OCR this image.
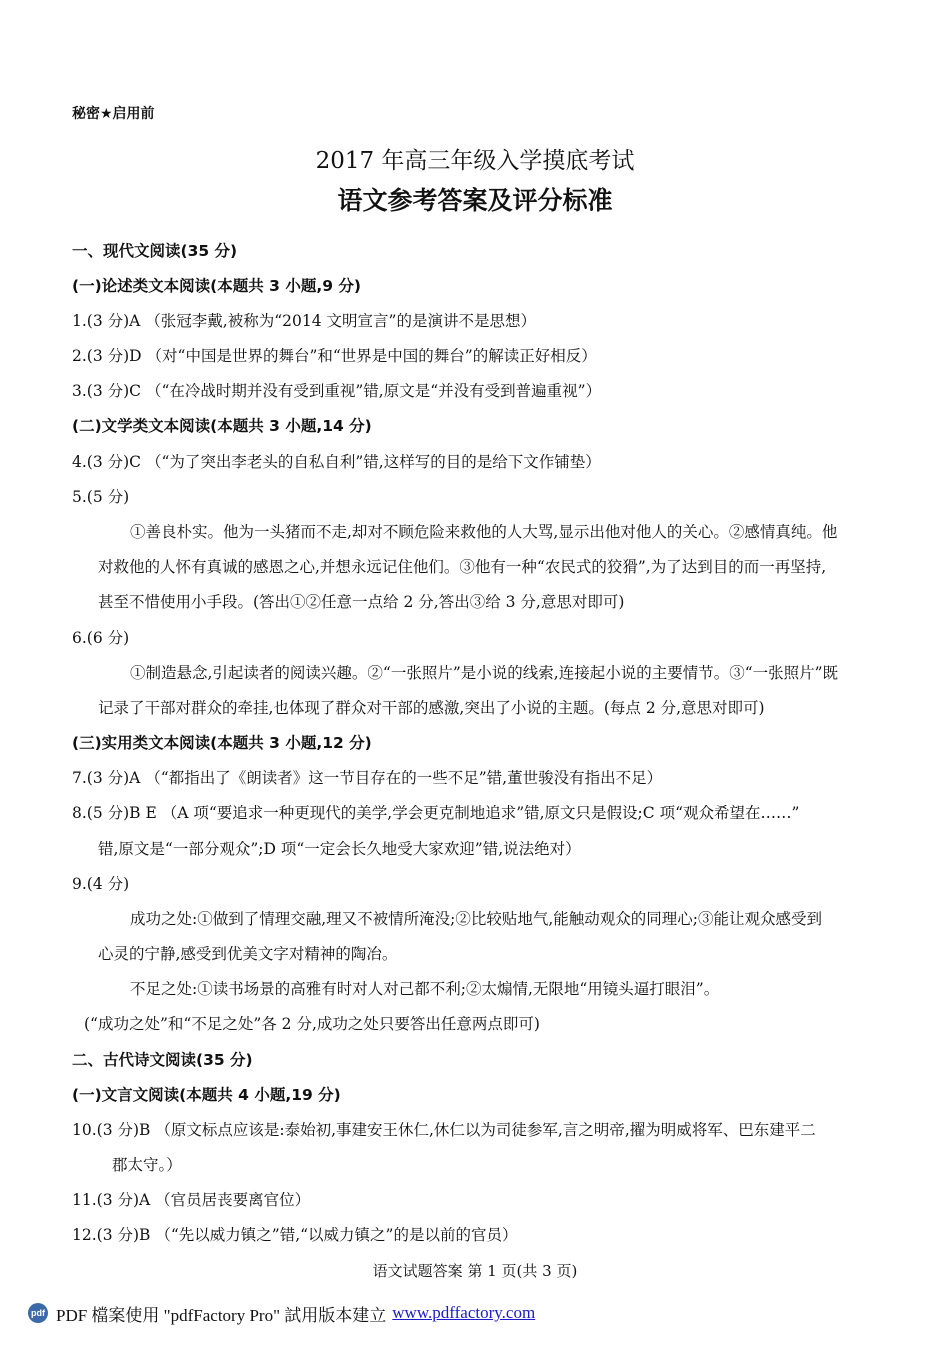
秘密★启用前
2017 年高三年级入学摸底考试
语文参考答案及评分标准
一、现代文阅读(35 分)
(一)论述类文本阅读(本题共 3 小题,9 分)
1.(3 分)A （张冠李戴,被称为“2014 文明宣言”的是演讲不是思想）
2.(3 分)D （对“中国是世界的舞台”和“世界是中国的舞台”的解读正好相反）
3.(3 分)C （“在冷战时期并没有受到重视”错,原文是“并没有受到普遍重视”）
(二)文学类文本阅读(本题共 3 小题,14 分)
4.(3 分)C （“为了突出李老头的自私自利”错,这样写的目的是给下文作铺垫）
5.(5 分)
①善良朴实。他为一头猪而不走,却对不顾危险来救他的人大骂,显示出他对他人的关心。②感情真纯。他
对救他的人怀有真诚的感恩之心,并想永远记住他们。③他有一种“农民式的狡猾”,为了达到目的而一再坚持,
甚至不惜使用小手段。(答出①②任意一点给 2 分,答出③给 3 分,意思对即可)
6.(6 分)
①制造悬念,引起读者的阅读兴趣。②“一张照片”是小说的线索,连接起小说的主要情节。③“一张照片”既
记录了干部对群众的牵挂,也体现了群众对干部的感激,突出了小说的主题。(每点 2 分,意思对即可)
(三)实用类文本阅读(本题共 3 小题,12 分)
7.(3 分)A （“都指出了《朗读者》这一节目存在的一些不足”错,董世骏没有指出不足）
8.(5 分)B E （A 项“要追求一种更现代的美学,学会更克制地追求”错,原文只是假设;C 项“观众希望在……”
错,原文是“一部分观众”;D 项“一定会长久地受大家欢迎”错,说法绝对）
9.(4 分)
成功之处:①做到了情理交融,理又不被情所淹没;②比较贴地气,能触动观众的同理心;③能让观众感受到
心灵的宁静,感受到优美文字对精神的陶冶。
不足之处:①读书场景的高雅有时对人对己都不利;②太煽情,无限地“用镜头逼打眼泪”。
(“成功之处”和“不足之处”各 2 分,成功之处只要答出任意两点即可)
二、古代诗文阅读(35 分)
(一)文言文阅读(本题共 4 小题,19 分)
10.(3 分)B （原文标点应该是:泰始初,事建安王休仁,休仁以为司徒参军,言之明帝,擢为明威将军、巴东建平二
郡太守。）
11.(3 分)A （官员居丧要离官位）
12.(3 分)B （“先以威力镇之”错,“以威力镇之”的是以前的官员）
语文试题答案 第 1 页(共 3 页)
pdf PDF 檔案使用 "pdfFactory Pro" 試用版本建立 www.pdffactory.com
